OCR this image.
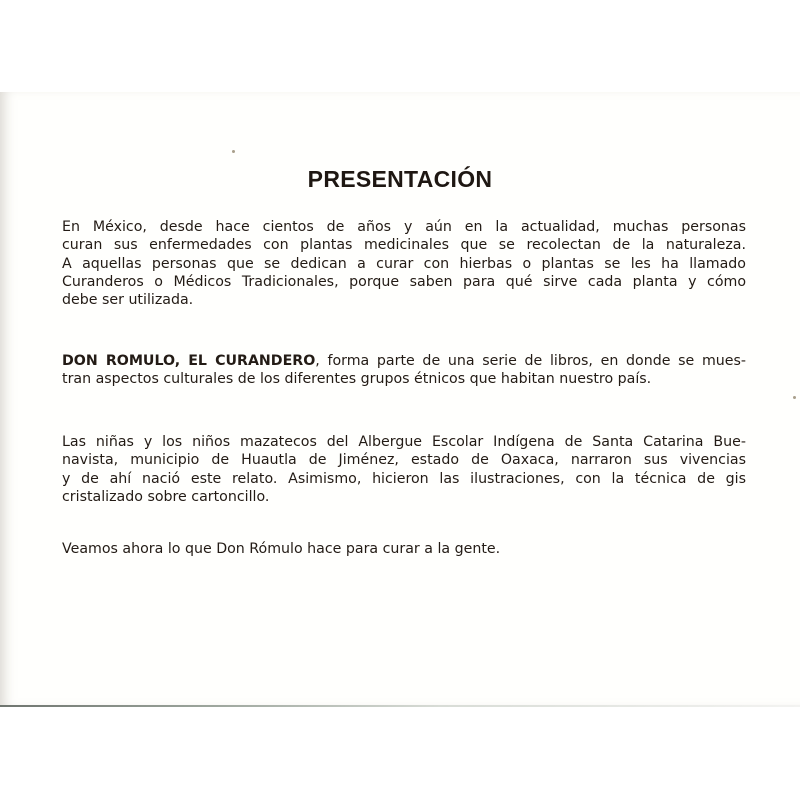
PRESENTACIÓN
En México, desde hace cientos de años y aún en la actualidad, muchas personas
curan sus enfermedades con plantas medicinales que se recolectan de la naturaleza.
A aquellas personas que se dedican a curar con hierbas o plantas se les ha llamado
Curanderos o Médicos Tradicionales, porque saben para qué sirve cada planta y cómo
debe ser utilizada.
DON ROMULO, EL CURANDERO, forma parte de una serie de libros, en donde se mues-
tran aspectos culturales de los diferentes grupos étnicos que habitan nuestro país.
Las niñas y los niños mazatecos del Albergue Escolar Indígena de Santa Catarina Bue-
navista, municipio de Huautla de Jiménez, estado de Oaxaca, narraron sus vivencias
y de ahí nació este relato. Asimismo, hicieron las ilustraciones, con la técnica de gis
cristalizado sobre cartoncillo.
Veamos ahora lo que Don Rómulo hace para curar a la gente.
